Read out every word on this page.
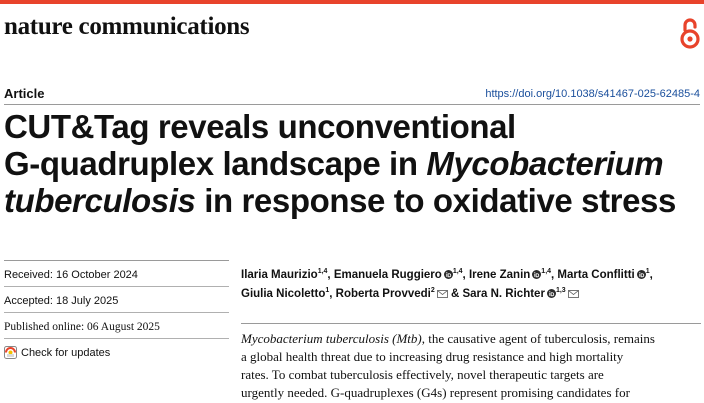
nature communications
Article	https://doi.org/10.1038/s41467-025-62485-4
CUT&Tag reveals unconventional
G-quadruplex landscape in Mycobacterium
tuberculosis in response to oxidative stress
Received: 16 October 2024
Accepted: 18 July 2025
Published online: 06 August 2025
Check for updates
Ilaria Maurizio$^{1,4}$, Emanuela Ruggiero $^{1,4}$, Irene Zanin $^{1,4}$, Marta Conflitti $^1$, Giulia Nicoletto$^1$, Roberta Provvedi$^2$ & Sara N. Richter $^{1,3}$
Mycobacterium tuberculosis (Mtb), the causative agent of tuberculosis, remains
a global health threat due to increasing drug resistance and high mortality
rates. To combat tuberculosis effectively, novel therapeutic targets are
urgently needed. G-quadruplexes (G4s) represent promising candidates for
